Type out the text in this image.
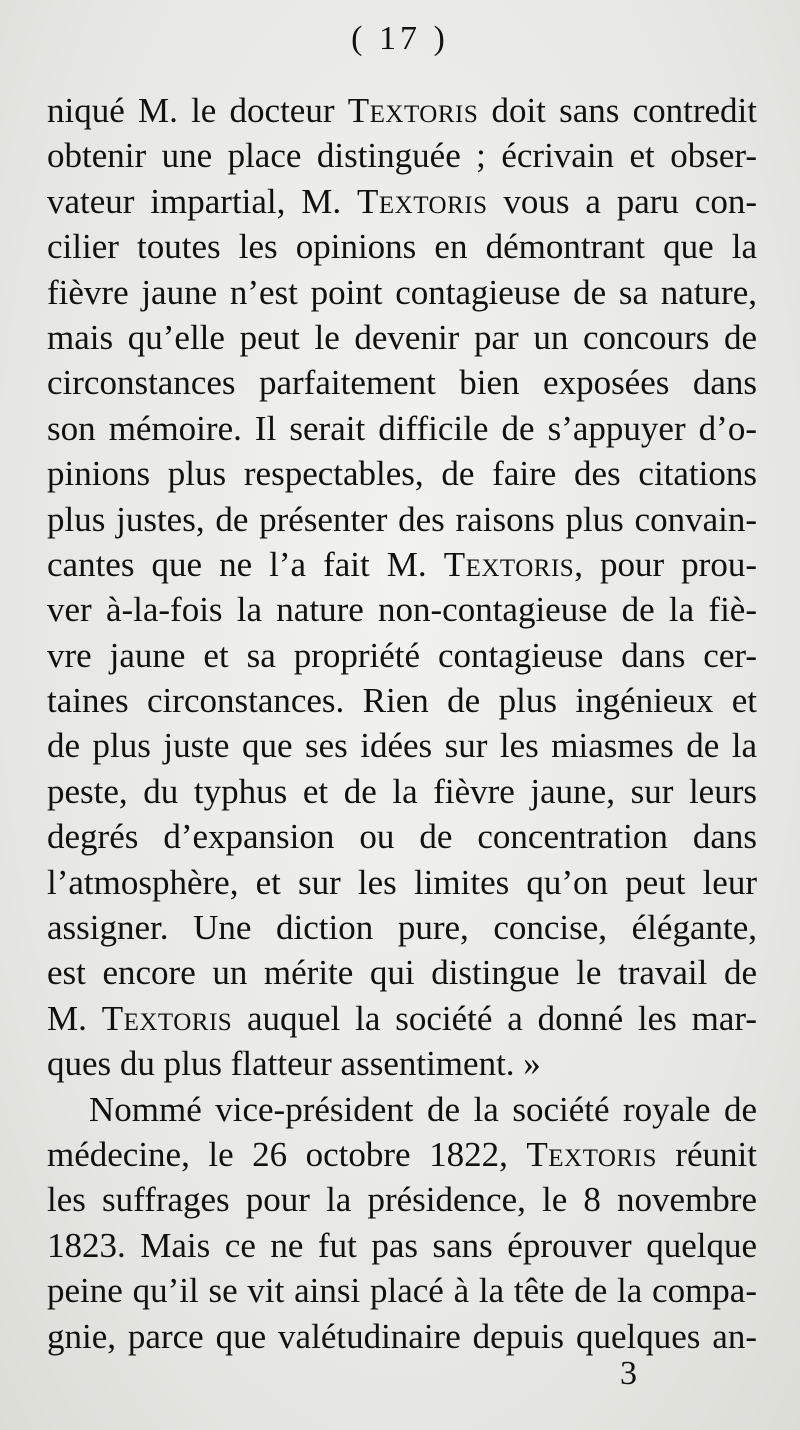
( 17 )
niqué M. le docteur Textoris doit sans contredit
obtenir une place distinguée ; écrivain et obser-
vateur impartial, M. Textoris vous a paru con-
cilier toutes les opinions en démontrant que la
fièvre jaune n’est point contagieuse de sa nature,
mais qu’elle peut le devenir par un concours de
circonstances parfaitement bien exposées dans
son mémoire. Il serait difficile de s’appuyer d’o-
pinions plus respectables, de faire des citations
plus justes, de présenter des raisons plus convain-
cantes que ne l’a fait M. Textoris, pour prou-
ver à-la-fois la nature non-contagieuse de la fiè-
vre jaune et sa propriété contagieuse dans cer-
taines circonstances. Rien de plus ingénieux et
de plus juste que ses idées sur les miasmes de la
peste, du typhus et de la fièvre jaune, sur leurs
degrés d’expansion ou de concentration dans
l’atmosphère, et sur les limites qu’on peut leur
assigner. Une diction pure, concise, élégante,
est encore un mérite qui distingue le travail de
M. Textoris auquel la société a donné les mar-
ques du plus flatteur assentiment. »
Nommé vice-président de la société royale de
médecine, le 26 octobre 1822, Textoris réunit
les suffrages pour la présidence, le 8 novembre
1823. Mais ce ne fut pas sans éprouver quelque
peine qu’il se vit ainsi placé à la tête de la compa-
gnie, parce que valétudinaire depuis quelques an-
3
